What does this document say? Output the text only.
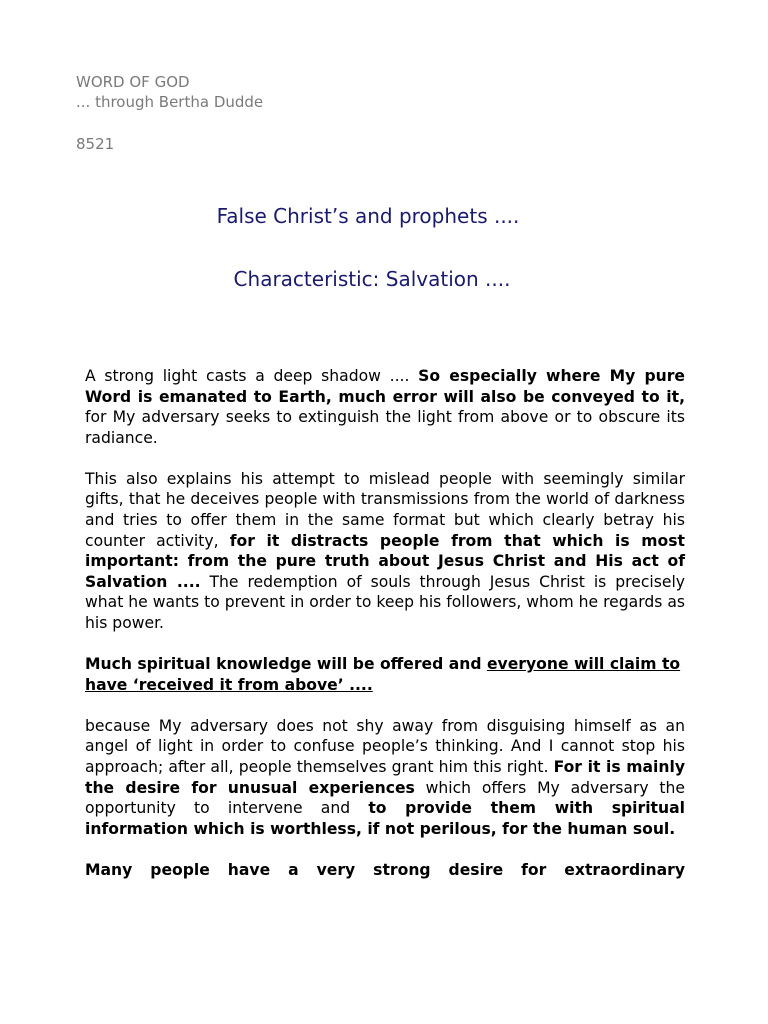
WORD OF GOD
... through Bertha Dudde
8521
False Christ’s and prophets ....
Characteristic: Salvation ....

A strong light casts a deep shadow .... So especially where My pure Word is emanated to Earth, much error will also be conveyed to it, for My adversary seeks to extinguish the light from above or to obscure its radiance.

This also explains his attempt to mislead people with seemingly similar gifts, that he deceives people with transmissions from the world of darkness and tries to offer them in the same format but which clearly betray his counter activity, for it distracts people from that which is most important: from the pure truth about Jesus Christ and His act of Salvation .... The redemption of souls through Jesus Christ is precisely what he wants to prevent in order to keep his followers, whom he regards as his power.

Much spiritual knowledge will be offered and everyone will claim to have ‘received it from above’ ....

because My adversary does not shy away from disguising himself as an angel of light in order to confuse people’s thinking. And I cannot stop his approach; after all, people themselves grant him this right. For it is mainly the desire for unusual experiences which offers My adversary the opportunity to intervene and to provide them with spiritual information which is worthless, if not perilous, for the human soul.

Many people have a very strong desire for extraordinary
